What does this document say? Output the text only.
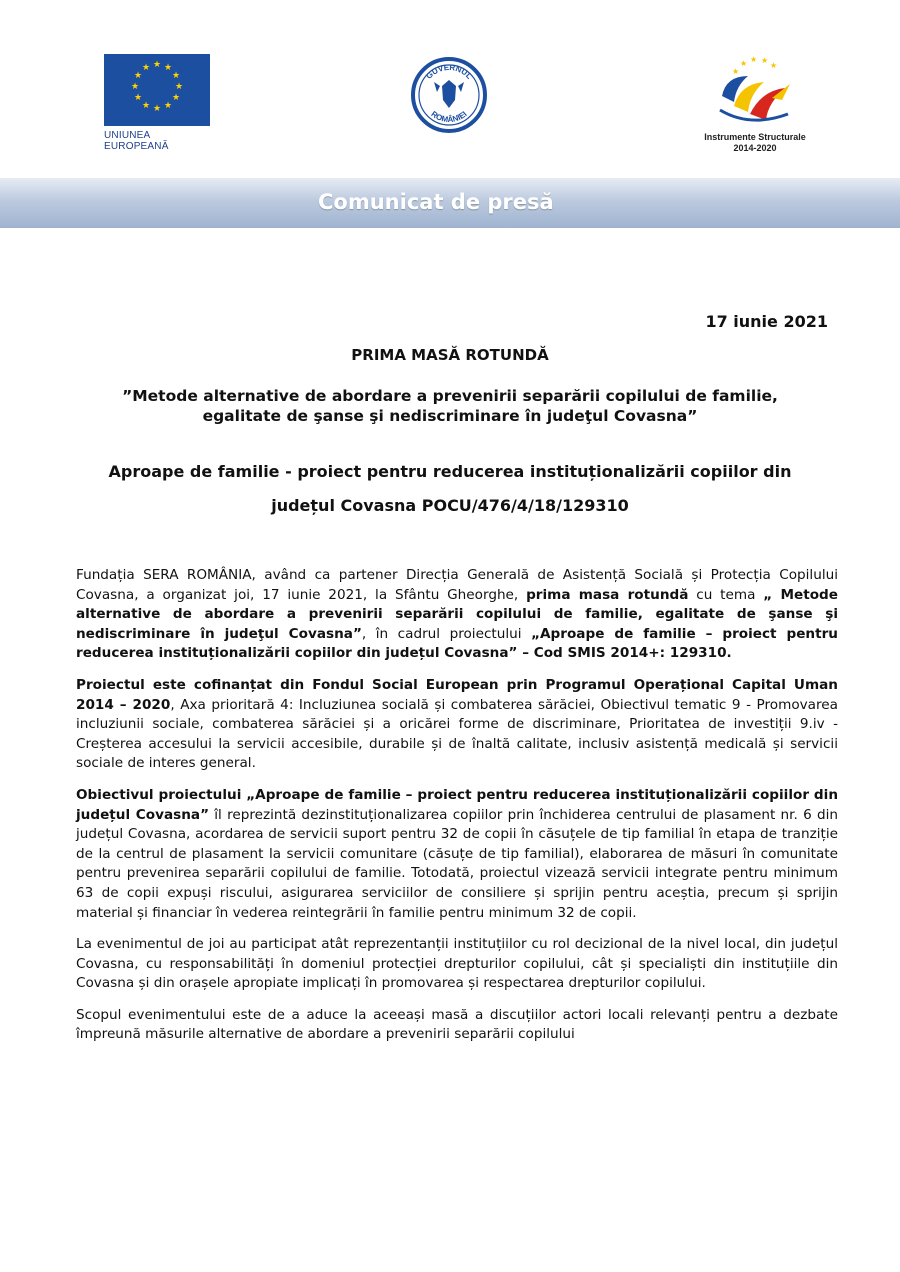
★ ★
★
★
★
★
★
★
★
★
★
★
UNIUNEA EUROPEANĂ
GUVERNUL
ROMÂNIEI
★ ★ ★
★
★
Instrumente Structurale
2014-2020
Comunicat de presă
17 iunie 2021
PRIMA MASĂ ROTUNDĂ
”Metode alternative de abordare a prevenirii separării copilului de familie,
egalitate de şanse şi nediscriminare în judeţul Covasna”
Aproape de familie - proiect pentru reducerea instituționalizării copiilor din
județul Covasna POCU/476/4/18/129310

Fundația SERA ROMÂNIA, având ca partener Direcția Generală de Asistență Socială și Protecția Copilului Covasna, a organizat joi, 17 iunie 2021, la Sfântu Gheorghe, prima masa rotundă cu tema „ Metode alternative de abordare a prevenirii separării copilului de familie, egalitate de şanse şi nediscriminare în judeţul Covasna”, în cadrul proiectului „Aproape de familie – proiect pentru reducerea instituționalizării copiilor din județul Covasna” – Cod SMIS 2014+: 129310.

Proiectul este cofinanțat din Fondul Social European prin Programul Operațional Capital Uman 2014 – 2020, Axa prioritară 4: Incluziunea socială și combaterea sărăciei, Obiectivul tematic 9 - Promovarea incluziunii sociale, combaterea sărăciei și a oricărei forme de discriminare, Prioritatea de investiții 9.iv - Creșterea accesului la servicii accesibile, durabile și de înaltă calitate, inclusiv asistență medicală și servicii sociale de interes general.

Obiectivul proiectului „Aproape de familie – proiect pentru reducerea instituționalizării copiilor din județul Covasna” îl reprezintă dezinstituționalizarea copiilor prin închiderea centrului de plasament nr. 6 din județul Covasna, acordarea de servicii suport pentru 32 de copii în căsuțele de tip familial în etapa de tranziție de la centrul de plasament la servicii comunitare (căsuțe de tip familial), elaborarea de măsuri în comunitate pentru prevenirea separării copilului de familie. Totodată, proiectul vizează servicii integrate pentru minimum 63 de copii expuși riscului, asigurarea serviciilor de consiliere și sprijin pentru aceștia, precum și sprijin material și financiar în vederea reintegrării în familie pentru minimum 32 de copii.

La evenimentul de joi au participat atât reprezentanții instituțiilor cu rol decizional de la nivel local, din județul Covasna, cu responsabilități în domeniul protecției drepturilor copilului, cât și specialiști din instituțiile din Covasna și din orașele apropiate implicați în promovarea și respectarea drepturilor copilului.

Scopul evenimentului este de a aduce la aceeași masă a discuțiilor actori locali relevanți pentru a dezbate împreună măsurile alternative de abordare a prevenirii separării copilului
